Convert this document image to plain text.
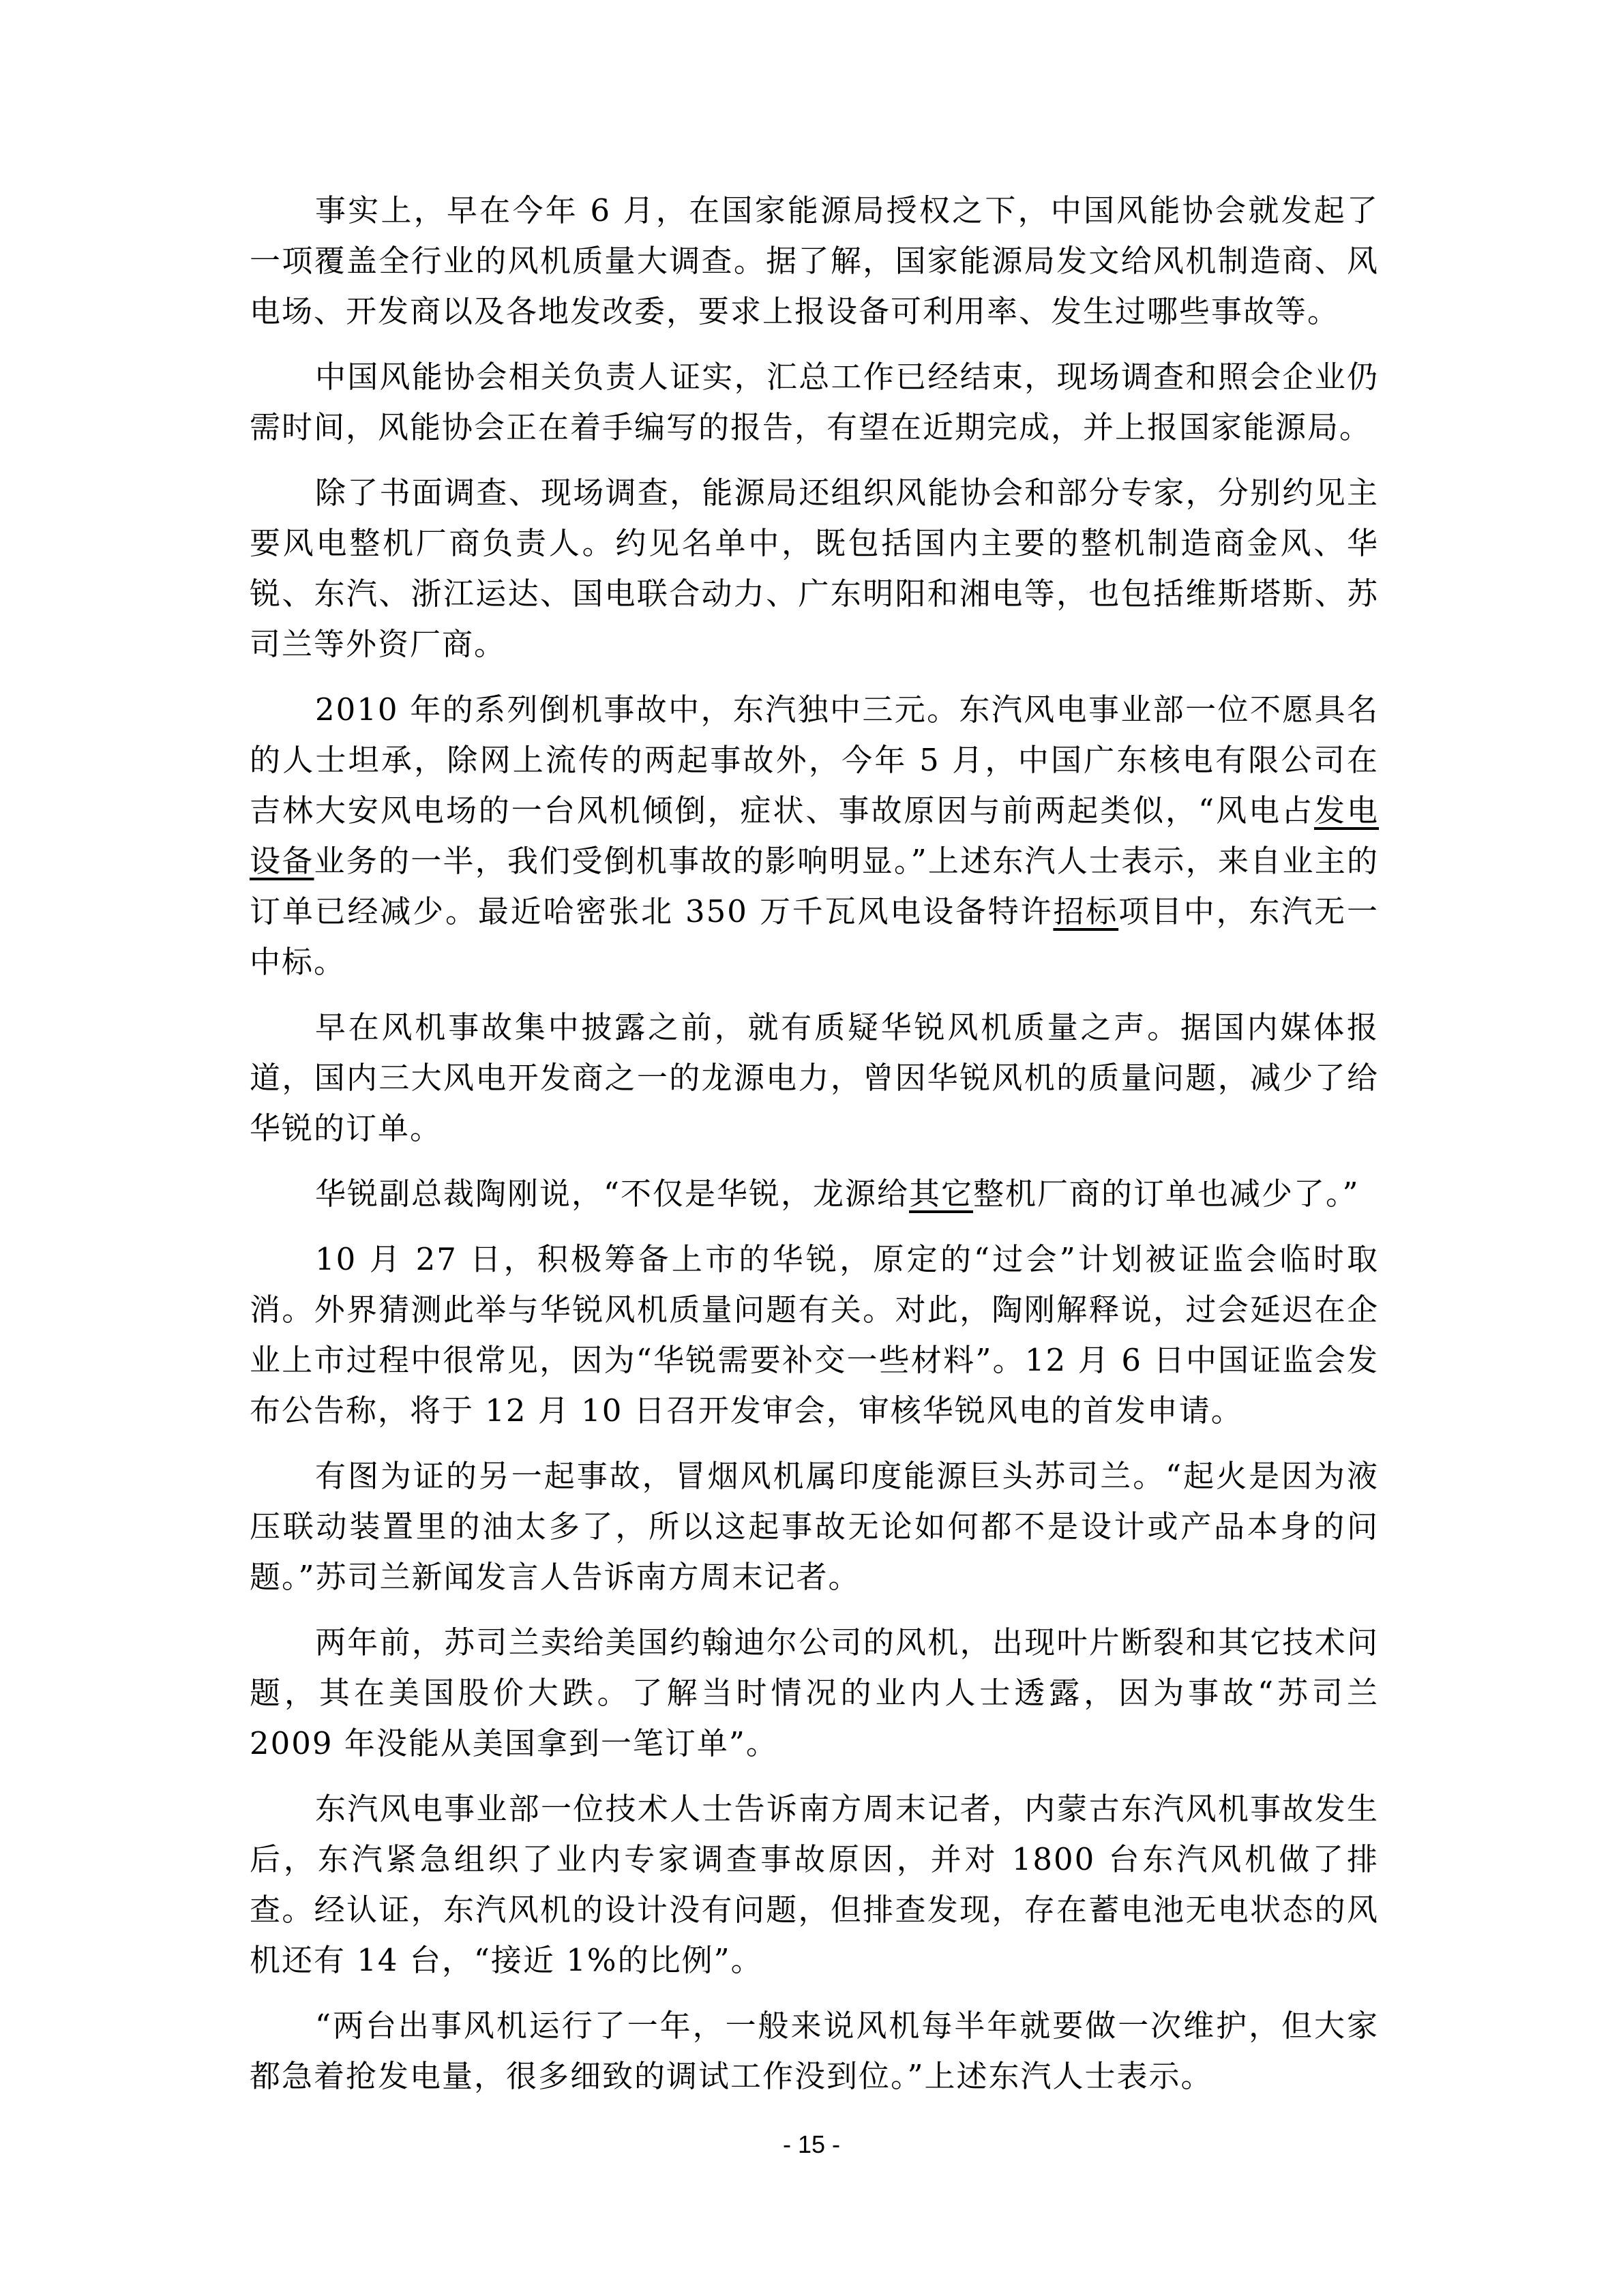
事实上，早在今年 6 月，在国家能源局授权之下，中国风能协会就发起了一项覆盖全行业的风机质量大调查。据了解，国家能源局发文给风机制造商、风电场、开发商以及各地发改委，要求上报设备可利用率、发生过哪些事故等。

中国风能协会相关负责人证实，汇总工作已经结束，现场调查和照会企业仍需时间，风能协会正在着手编写的报告，有望在近期完成，并上报国家能源局。

除了书面调查、现场调查，能源局还组织风能协会和部分专家，分别约见主要风电整机厂商负责人。约见名单中，既包括国内主要的整机制造商金风、华锐、东汽、浙江运达、国电联合动力、广东明阳和湘电等，也包括维斯塔斯、苏司兰等外资厂商。

2010 年的系列倒机事故中，东汽独中三元。东汽风电事业部一位不愿具名的人士坦承，除网上流传的两起事故外，今年 5 月，中国广东核电有限公司在吉林大安风电场的一台风机倾倒，症状、事故原因与前两起类似，“风电占发电设备业务的一半，我们受倒机事故的影响明显。”上述东汽人士表示，来自业主的订单已经减少。最近哈密张北 350 万千瓦风电设备特许招标项目中，东汽无一中标。

早在风机事故集中披露之前，就有质疑华锐风机质量之声。据国内媒体报道，国内三大风电开发商之一的龙源电力，曾因华锐风机的质量问题，减少了给华锐的订单。

华锐副总裁陶刚说，“不仅是华锐，龙源给其它整机厂商的订单也减少了。”

10 月 27 日，积极筹备上市的华锐，原定的“过会”计划被证监会临时取消。外界猜测此举与华锐风机质量问题有关。对此，陶刚解释说，过会延迟在企业上市过程中很常见，因为“华锐需要补交一些材料”。12 月 6 日中国证监会发布公告称，将于 12 月 10 日召开发审会，审核华锐风电的首发申请。

有图为证的另一起事故，冒烟风机属印度能源巨头苏司兰。“起火是因为液压联动装置里的油太多了，所以这起事故无论如何都不是设计或产品本身的问题。”苏司兰新闻发言人告诉南方周末记者。

两年前，苏司兰卖给美国约翰迪尔公司的风机，出现叶片断裂和其它技术问题，其在美国股价大跌。了解当时情况的业内人士透露，因为事故“苏司兰 2009 年没能从美国拿到一笔订单”。

东汽风电事业部一位技术人士告诉南方周末记者，内蒙古东汽风机事故发生后，东汽紧急组织了业内专家调查事故原因，并对 1800 台东汽风机做了排查。经认证，东汽风机的设计没有问题，但排查发现，存在蓄电池无电状态的风机还有 14 台，“接近 1%的比例”。

“两台出事风机运行了一年，一般来说风机每半年就要做一次维护，但大家都急着抢发电量，很多细致的调试工作没到位。”上述东汽人士表示。

- 15 -
